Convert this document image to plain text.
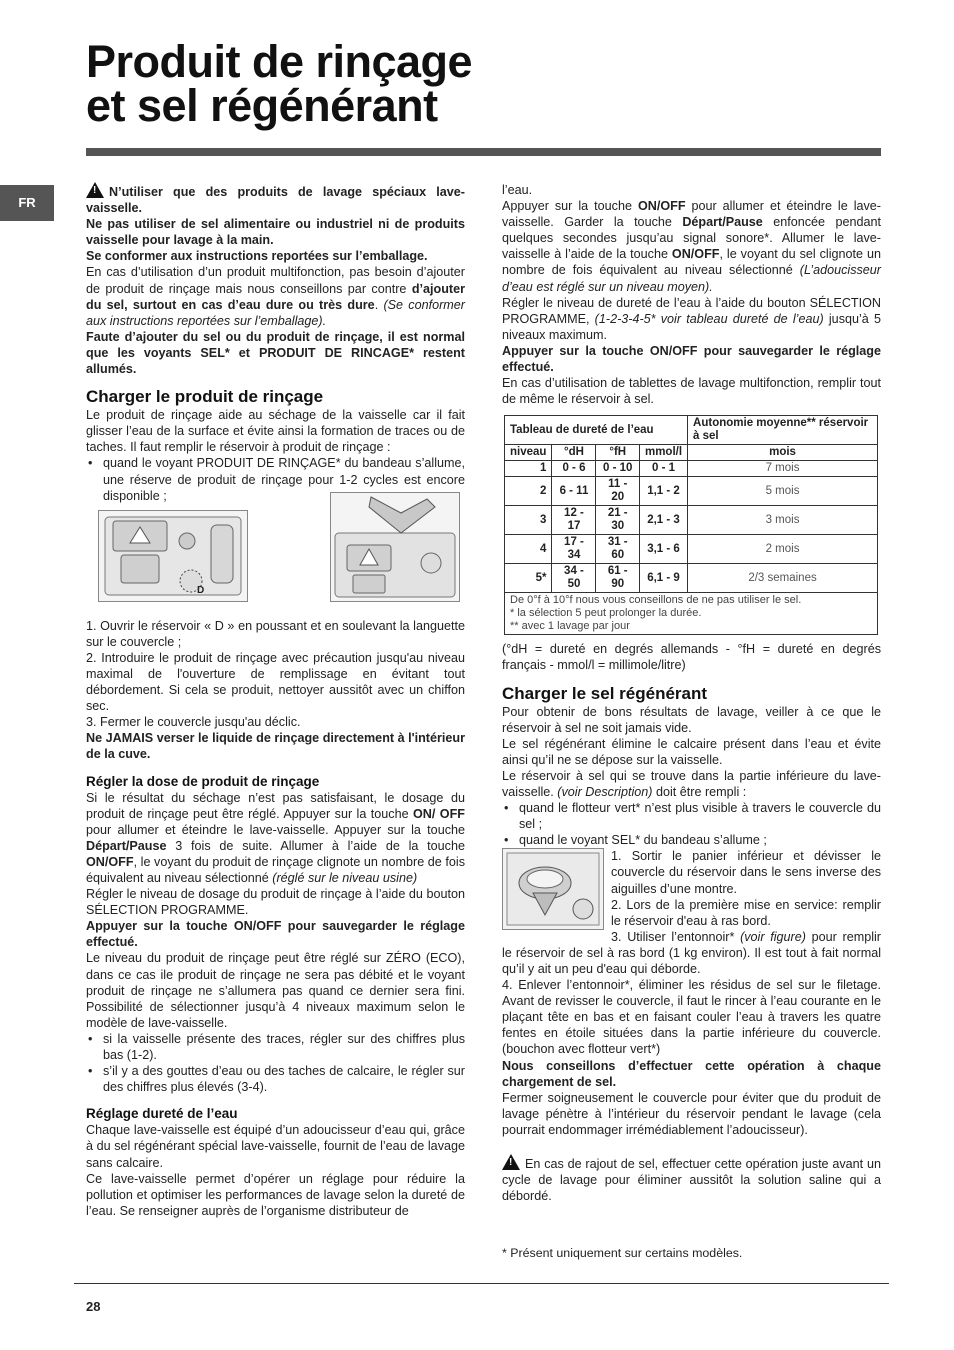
Produit de rinçage
et sel régénérant
FR

!N’utiliser que des produits de lavage spéciaux lave-vaisselle.

Ne pas utiliser de sel alimentaire ou industriel ni de produits vaisselle pour lavage à la main.

Se conformer aux instructions reportées sur l’emballage.

En cas d’utilisation d’un produit multifonction, pas besoin d’ajouter de produit de rinçage mais nous conseillons par contre d’ajouter du sel, surtout en cas d’eau dure ou très dure. (Se conformer aux instructions reportées sur l’emballage).

Faute d’ajouter du sel ou du produit de rinçage, il est normal que les voyants SEL* et PRODUIT DE RINCAGE* restent allumés.

Charger le produit de rinçage

Le produit de rinçage aide au séchage de la vaisselle car il fait glisser l’eau de la surface et évite ainsi la formation de traces ou de taches. Il faut remplir le réservoir à produit de rinçage :

• quand le voyant PRODUIT DE RINÇAGE* du bandeau s’allume, une réserve de produit de rinçage pour 1-2 cycles est encore disponible ;
D

1. Ouvrir le réservoir « D » en poussant et en soulevant la languette sur le couvercle ;

2. Introduire le produit de rinçage avec précaution jusqu'au niveau maximal de l'ouverture de remplissage en évitant tout débordement. Si cela se produit, nettoyer aussitôt avec un chiffon sec.

3. Fermer le couvercle jusqu'au déclic.

Ne JAMAIS verser le liquide de rinçage directement à l'intérieur de la cuve.

Régler la dose de produit de rinçage

Si le résultat du séchage n’est pas satisfaisant, le dosage du produit de rinçage peut être réglé. Appuyer sur la touche ON/ OFF pour allumer et éteindre le lave-vaisselle. Appuyer sur la touche Départ/Pause 3 fois de suite. Allumer à l’aide de la touche ON/OFF, le voyant du produit de rinçage clignote un nombre de fois équivalent au niveau sélectionné (réglé sur le niveau usine)

Régler le niveau de dosage du produit de rinçage à l’aide du bouton SÉLECTION PROGRAMME.

Appuyer sur la touche ON/OFF pour sauvegarder le réglage effectué.

Le niveau du produit de rinçage peut être réglé sur ZÉRO (ECO), dans ce cas ile produit de rinçage ne sera pas débité et le voyant produit de rinçage ne s’allumera pas quand ce dernier sera fini. Possibilité de sélectionner jusqu’à 4 niveaux maximum selon le modèle de lave-vaisselle.

• si la vaisselle présente des traces, régler sur des chiffres plus bas (1-2).
• s’il y a des gouttes d’eau ou des taches de calcaire, le régler sur des chiffres plus élevés (3-4).
Réglage dureté de l’eau

Chaque lave-vaisselle est équipé d’un adoucisseur d’eau qui, grâce à du sel régénérant spécial lave-vaisselle, fournit de l’eau de lavage sans calcaire.

Ce lave-vaisselle permet d’opérer un réglage pour réduire la pollution et optimiser les performances de lavage selon la dureté de l’eau. Se renseigner auprès de l’organisme distributeur de

l’eau.

Appuyer sur la touche ON/OFF pour allumer et éteindre le lave-vaisselle. Garder la touche Départ/Pause enfoncée pendant quelques secondes jusqu’au signal sonore*. Allumer le lave-vaisselle à l’aide de la touche ON/OFF, le voyant du sel clignote un nombre de fois équivalent au niveau sélectionné (L’adoucisseur d’eau est réglé sur un niveau moyen).

Régler le niveau de dureté de l’eau à l’aide du bouton SÉLECTION PROGRAMME, (1-2-3-4-5* voir tableau dureté de l’eau) jusqu’à 5 niveaux maximum.

Appuyer sur la touche ON/OFF pour sauvegarder le réglage effectué.

En cas d’utilisation de tablettes de lavage multifonction, remplir tout de même le réservoir à sel.

Tableau de dureté de l’eau				Autonomie moyenne** réservoir à sel
niveau	°dH	°fH	mmol/l	mois
1	0 - 6	0 - 10	0 - 1	7 mois
2	6 - 11	11 - 20	1,1 - 2	5 mois
3	12 - 17	21 - 30	2,1 - 3	3 mois
4	17 - 34	31 - 60	3,1 - 6	2 mois
5*	34 - 50	61 - 90	6,1 - 9	2/3 semaines

De 0°f à 10°f nous vous conseillons de ne pas utiliser le sel.
* la sélection 5 peut prolonger la durée.
** avec 1 lavage par jour				

(°dH = dureté en degrés allemands - °fH = dureté en degrés français - mmol/l = millimole/litre)

Charger le sel régénérant

Pour obtenir de bons résultats de lavage, veiller à ce que le réservoir à sel ne soit jamais vide.

Le sel régénérant élimine le calcaire présent dans l’eau et évite ainsi qu’il ne se dépose sur la vaisselle.

Le réservoir à sel qui se trouve dans la partie inférieure du lave-vaisselle. (voir Description) doit être rempli :

• quand le flotteur vert* n’est plus visible à travers le couvercle du sel ;
• quand le voyant SEL* du bandeau s’allume ;

1. Sortir le panier inférieur et dévisser le couvercle du réservoir dans le sens inverse des aiguilles d’une montre.

2. Lors de la première mise en service: remplir le réservoir d'eau à ras bord.

3. Utiliser l’entonnoir* (voir figure) pour remplir le réservoir de sel à ras bord (1 kg environ). Il est tout à fait normal qu’il y ait un peu d'eau qui déborde.

4. Enlever l’entonnoir*, éliminer les résidus de sel sur le filetage. Avant de revisser le couvercle, il faut le rincer à l’eau courante en le plaçant tête en bas et en faisant couler l’eau à travers les quatre fentes en étoile situées dans la partie inférieure du couvercle. (bouchon avec flotteur vert*)

Nous conseillons d’effectuer cette opération à chaque chargement de sel.

Fermer soigneusement le couvercle pour éviter que du produit de lavage pénètre à l’intérieur du réservoir pendant le lavage (cela pourrait endommager irrémédiablement l’adoucisseur).

!En cas de rajout de sel, effectuer cette opération juste avant un cycle de lavage pour éliminer aussitôt la solution saline qui a débordé.

* Présent uniquement sur certains modèles.
28
